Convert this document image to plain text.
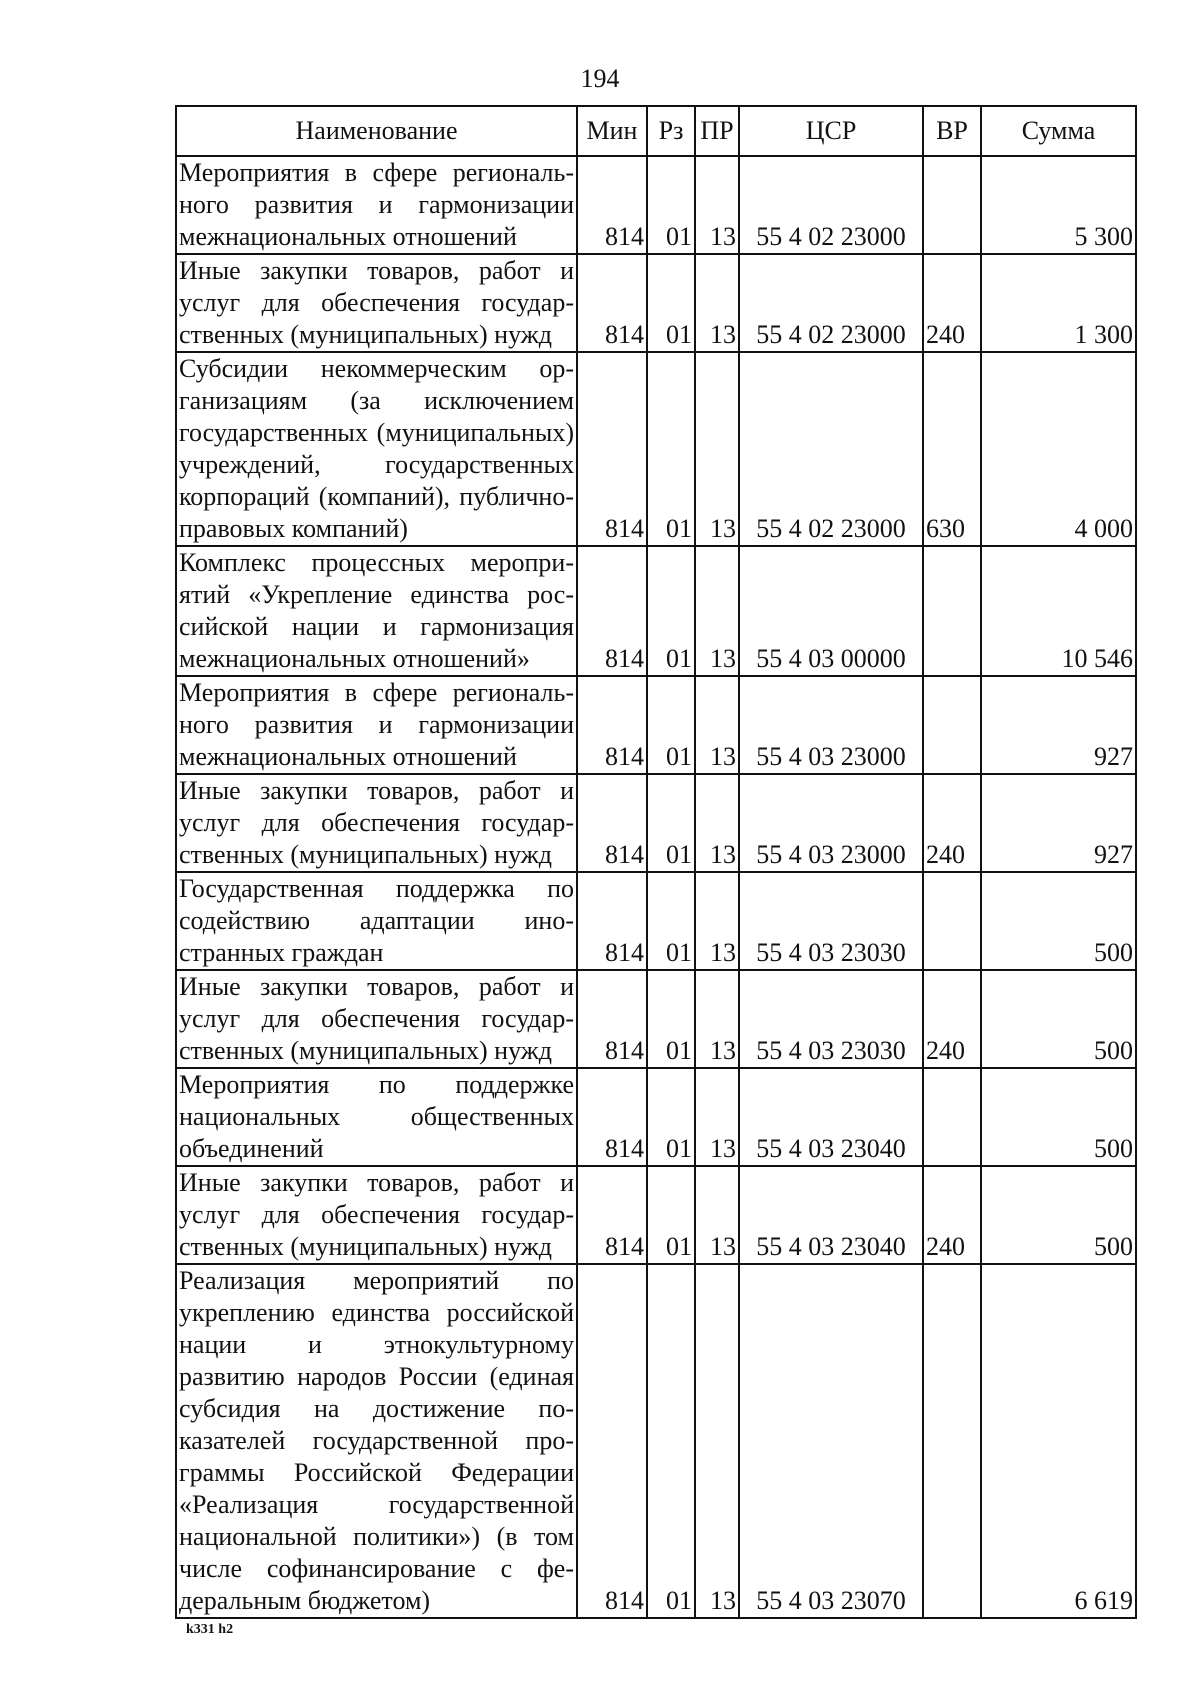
194
Наименование	Мин	Рз	ПР	ЦСР	ВР	Сумма
Мероприятия в сфере регионального развития и гармонизации межнациональных отношений	814	01	13	55 4 02 23000		5 300
Иные закупки товаров, работ и услуг для обеспечения государственных (муниципальных) нужд	814	01	13	55 4 02 23000	240	1 300
Субсидии некоммерческим организациям (за исключением государственных (муниципальных) учреждений, государственных корпораций (компаний), публично-правовых компаний)	814	01	13	55 4 02 23000	630	4 000
Комплекс процессных мероприятий «Укрепление единства российской нации и гармонизация межнациональных отношений»	814	01	13	55 4 03 00000		10 546
Мероприятия в сфере регионального развития и гармонизации межнациональных отношений	814	01	13	55 4 03 23000		927
Иные закупки товаров, работ и услуг для обеспечения государственных (муниципальных) нужд	814	01	13	55 4 03 23000	240	927
Государственная поддержка по содействию адаптации иностранных граждан	814	01	13	55 4 03 23030		500
Иные закупки товаров, работ и услуг для обеспечения государственных (муниципальных) нужд	814	01	13	55 4 03 23030	240	500
Мероприятия по поддержке национальных общественных объединений	814	01	13	55 4 03 23040		500
Иные закупки товаров, работ и услуг для обеспечения государственных (муниципальных) нужд	814	01	13	55 4 03 23040	240	500
Реализация мероприятий по укреплению единства российской нации и этнокультурному развитию народов России (единая субсидия на достижение показателей государственной программы Российской Федерации «Реализация государственной национальной политики») (в том числе софинансирование с федеральным бюджетом)	814	01	13	55 4 03 23070		6 619
k331 h2
